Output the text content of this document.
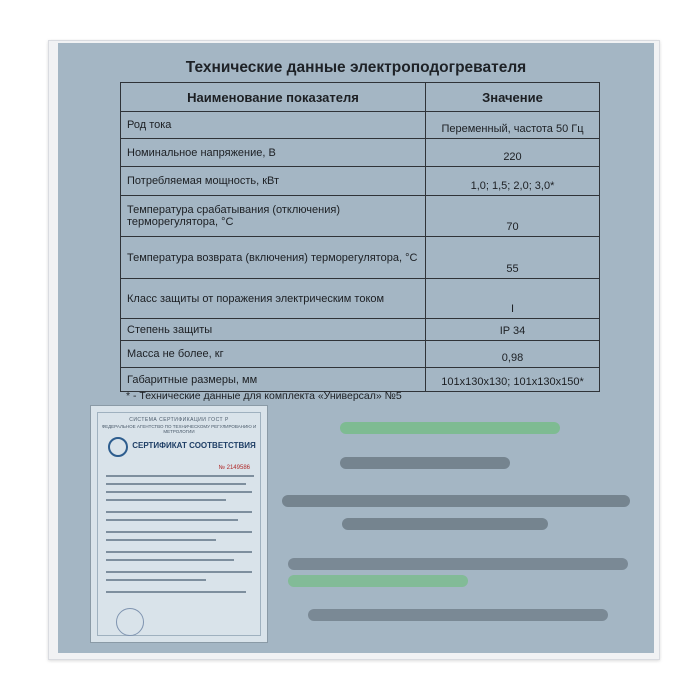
Технические данные электроподогревателя
Наименование показателя	Значение
Род тока	Переменный, частота 50 Гц
Номинальное напряжение, В	220
Потребляемая мощность, кВт	1,0; 1,5; 2,0; 3,0*
Температура срабатывания (отключения) терморегулятора, °С	70
Температура возврата (включения) терморегулятора, °С	55
Класс защиты от поражения электрическим током	I
Степень защиты	IP 34
Масса не более, кг	0,98
Габаритные размеры, мм	101x130x130; 101x130x150*
* - Технические данные для комплекта «Универсал» №5
СИСТЕМА СЕРТИФИКАЦИИ ГОСТ Р
ФЕДЕРАЛЬНОЕ АГЕНТСТВО ПО ТЕХНИЧЕСКОМУ РЕГУЛИРОВАНИЮ И МЕТРОЛОГИИ
СЕРТИФИКАТ СООТВЕТСТВИЯ
№ 2149586
